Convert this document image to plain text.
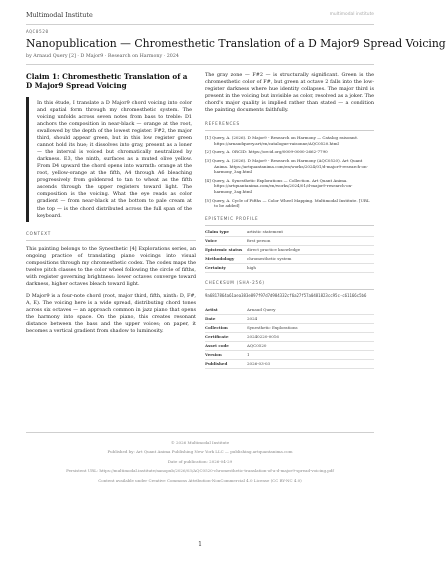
Multimodal Institute	multimodal institute
AQC0520
Nanopublication — Chromesthetic Translation of a D Major9 Spread Voicing
by Arnaud Query [2] · D Major9 · Research on Harmony · 2024
Claim 1: Chromesthetic Translation of a D Major9 Spread Voicing
In this étude, I translate a D Major9 chord voicing into color and spatial form through my chromesthetic system. The voicing unfolds across seven notes from bass to treble: D1 anchors the composition in near-black — orange at the root, swallowed by the depth of the lowest register. F#2, the major third, should appear green, but in this low register green cannot hold its hue; it dissolves into gray, present as a loner — the interval is voiced but chromatically neutralized by darkness. E3, the ninth, surfaces as a muted olive yellow. From D4 upward the chord opens into warmth: orange at the root, yellow-orange at the fifth, A4 through A6 bleaching progressively from goldenrod to tan to wheat as the fifth ascends through the upper registers toward light. The composition is the voicing. What the eye reads as color gradient — from near-black at the bottom to pale cream at the top — is the chord distributed across the full span of the keyboard.
CONTEXT

This painting belongs to the Synesthetic [4] Explorations series, an ongoing practice of translating piano voicings into visual compositions through my chromesthetic codex. The codex maps the twelve pitch classes to the color wheel following the circle of fifths, with register governing brightness: lower octaves converge toward darkness, higher octaves bleach toward light.

D Major9 is a four-note chord (root, major third, fifth, ninth: D, F#, A, E). The voicing here is a wide spread, distributing chord tones across six octaves — an approach common in jazz piano that opens the harmony into space. On the piano, this creates resonant distance between the bass and the upper voices; on paper, it becomes a vertical gradient from shadow to luminosity.

The gray zone — F#2 — is structurally significant. Green is the chromesthetic color of F#, but green at octave 2 falls into the low-register darkness where hue identity collapses. The major third is present in the voicing but invisible as color, resolved as a joker. The chord's major quality is implied rather than stated — a condition the painting documents faithfully.

REFERENCES
[1] Query, A. (2026). D Major9 - Research on Harmony — Catalog raisonné. https://arnaudquery.art/en/catalogue-raisonne/AQC0520.html
[2] Query, A. ORCID: https://orcid.org/0009-0000-2662-7790
[3] Query, A. (2026). D Major9 - Research on Harmony (AQC0520). Art Quant Anima. https://artquantanima.com/en/works/2024/01/d-major9-research-on-harmony_3ag.html
[4] Query, A. Synesthetic Explorations — Collection. Art Quant Anima. https://artquantanima.com/en/works/2024/01/d-major9-research-on-harmony_3ag.html
[5] Query, A. Cycle of Fifths — Color Wheel Mapping. Multimodal Institute. [URL to be added]
EPISTEMIC PROFILE
Claim type	artistic statement
Voice	first person
Epistemic status	direct practice knowledge
Methodology	chromesthetic system
Certainty	high
CHECKSUM (SHA-256)
9a6817864a61aea383e897f97d7d984332cf6a27f57a0481823cc95c-c61166c5b6
Artist	Arnaud Query
Date	2024
Collection	Synesthetic Explorations
Certificate	20240220-0016
Asset code	AQC0520
Version	1
Published	2026-03-03
© 2026 Multimodal Institute
Published by: Art Quant Anima Publishing New York LLC — publishing.artquantanima.com
Date of publication: 2026-04-29
Persistent URL: https://multimodal.institute/nanopub/2026/03/AQC0520-chromesthetic-translation-of-a-d-major9-spread-voicing.pdf
Content available under Creative Commons Attribution-NonCommercial 4.0 License (CC BY-NC 4.0)
1
